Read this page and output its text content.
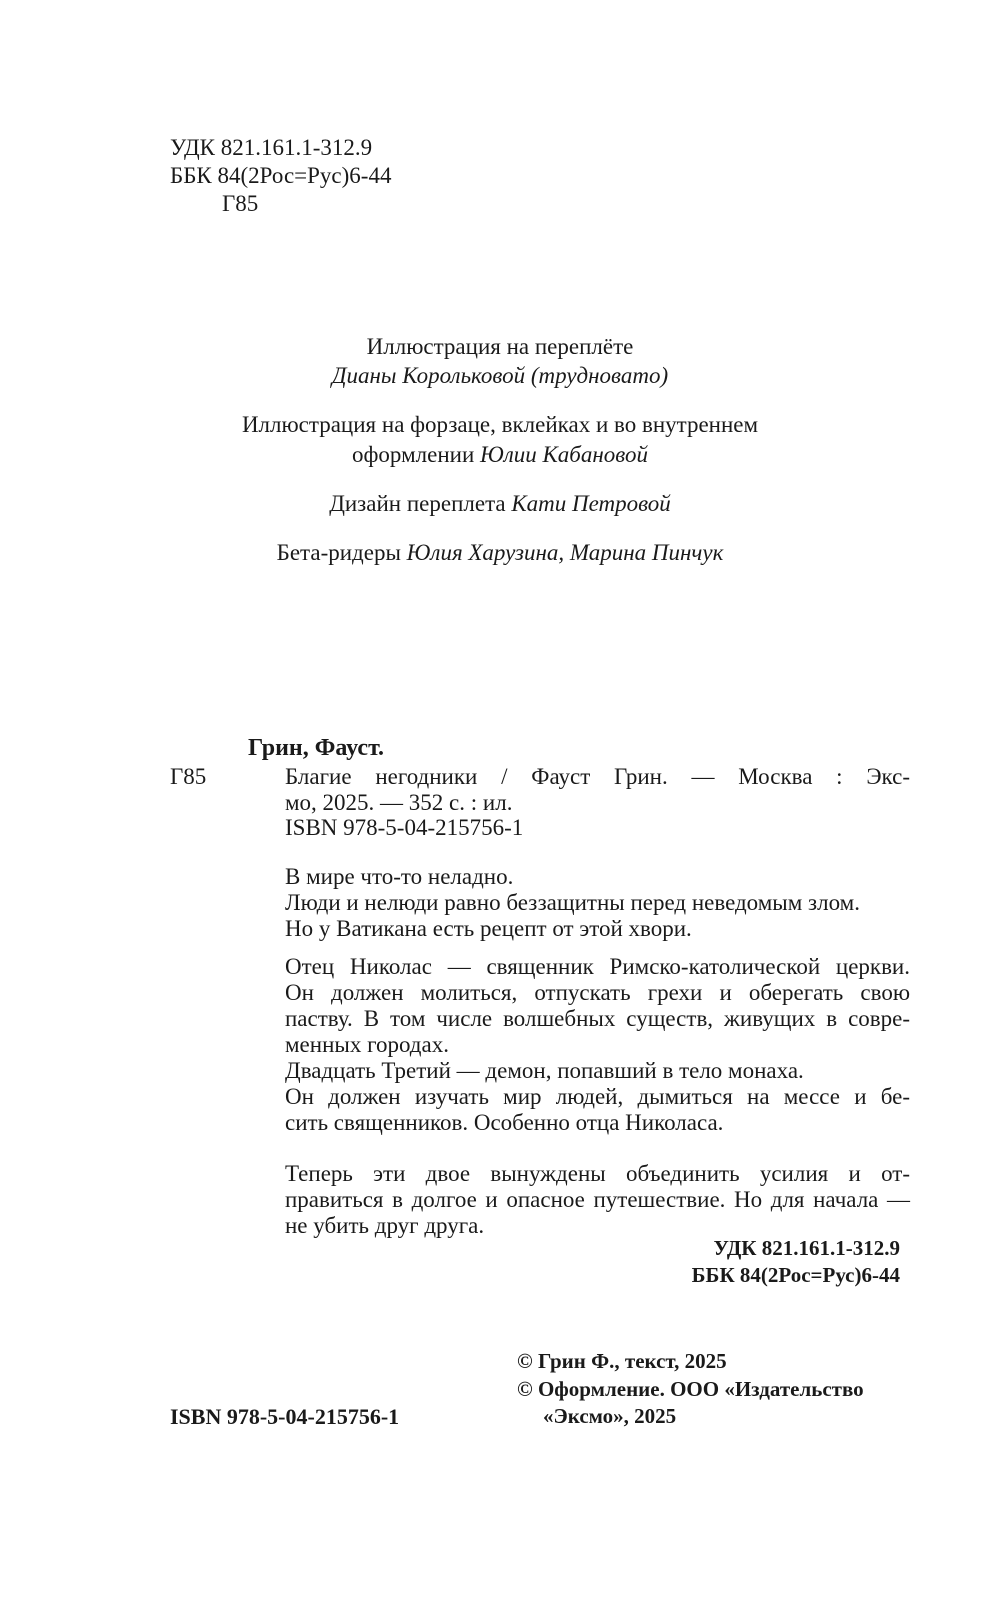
УДК 821.161.1-312.9
ББК 84(2Рос=Рус)6-44
Г85
Иллюстрация на переплёте
Дианы Корольковой (трудновато)
Иллюстрация на форзаце, вклейках и во внутреннем
оформлении Юлии Кабановой
Дизайн переплета Кати Петровой
Бета-ридеры Юлия Харузина, Марина Пинчук
Грин, Фауст.
Г85	Благие негодники / Фауст Грин. — Москва : Экс-
мо, 2025. — 352 с. : ил.
ISBN 978-5-04-215756-1
В мире что-то неладно.
Люди и нелюди равно беззащитны перед неведомым злом.
Но у Ватикана есть рецепт от этой хвори.
Отец Николас — священник Римско-католической церкви.
Он должен молиться, отпускать грехи и оберегать свою
паству. В том числе волшебных существ, живущих в совре-
менных городах.
Двадцать Третий — демон, попавший в тело монаха.
Он должен изучать мир людей, дымиться на мессе и бе-
сить священников. Особенно отца Николаса.
Теперь эти двое вынуждены объединить усилия и от-
правиться в долгое и опасное путешествие. Но для начала —
не убить друг друга.
УДК 821.161.1-312.9
ББК 84(2Рос=Рус)6-44
© Грин Ф., текст, 2025
© Оформление. ООО «Издательство
«Эксмо», 2025
ISBN 978-5-04-215756-1
